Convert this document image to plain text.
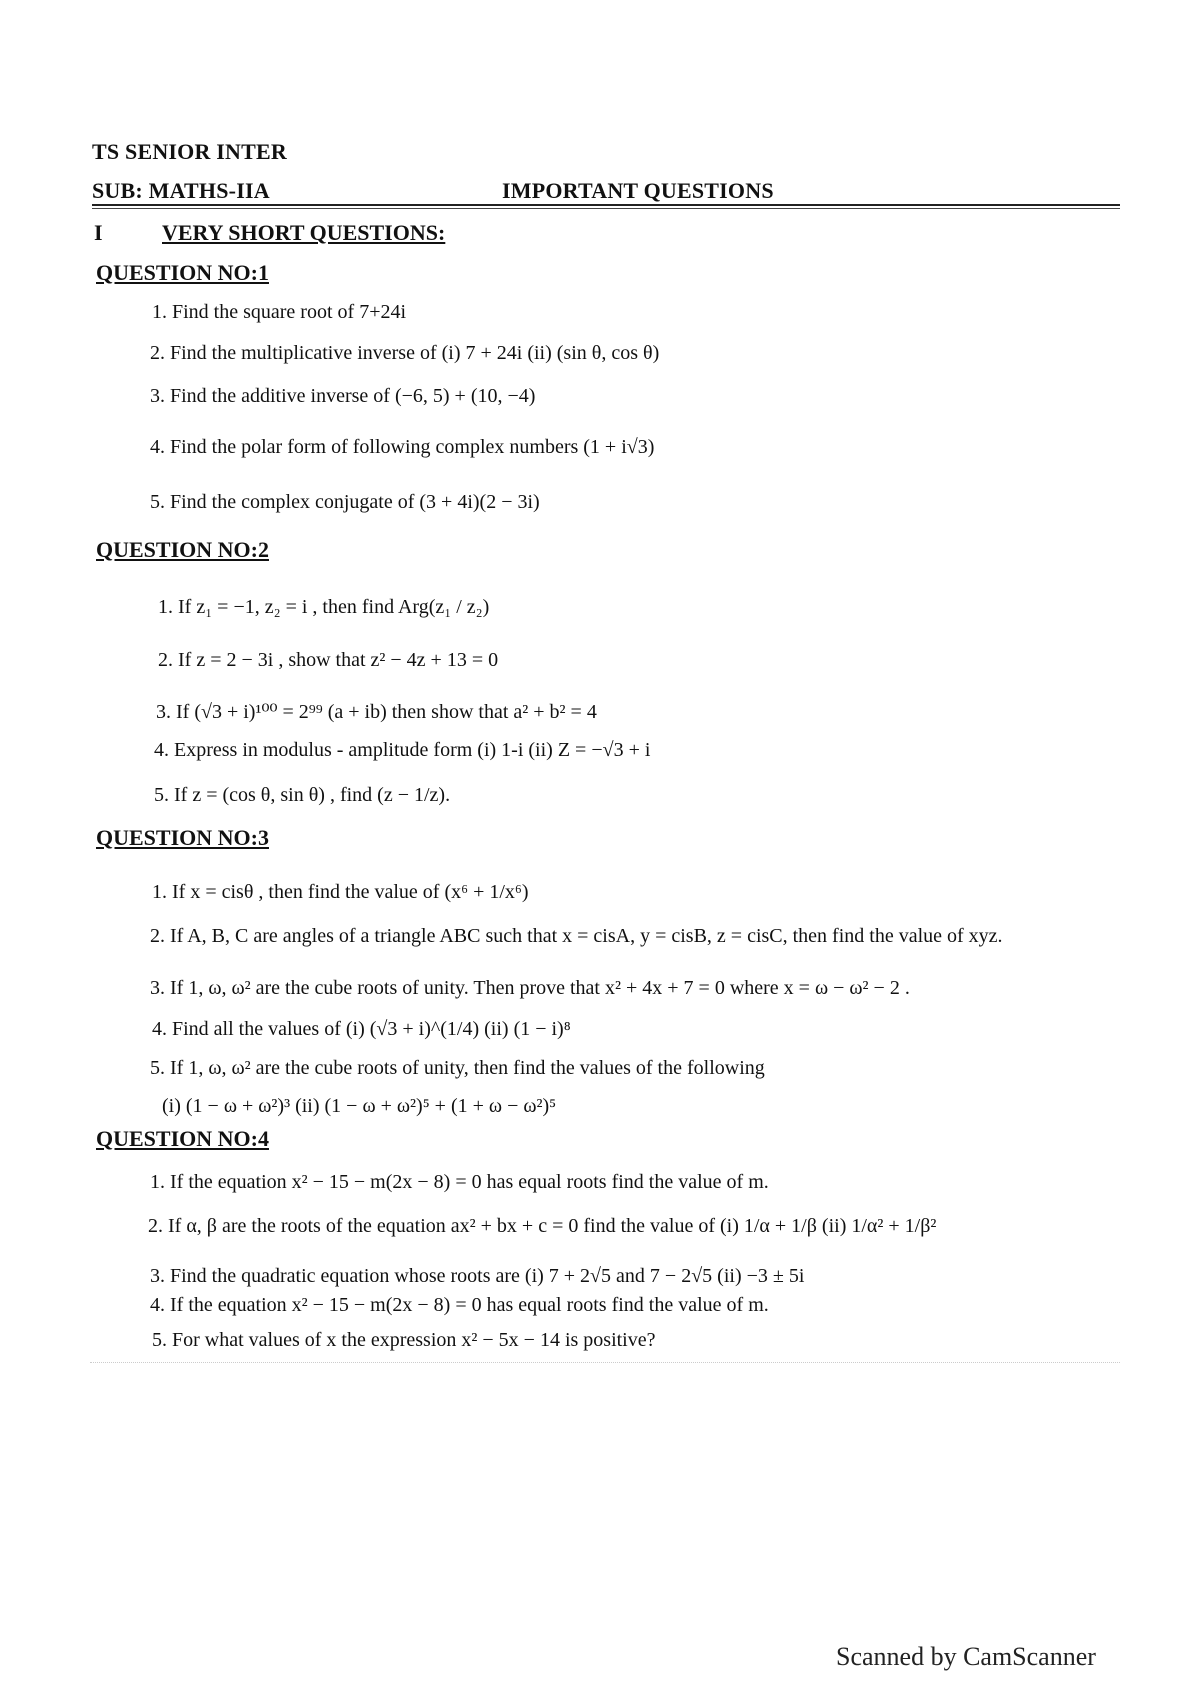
TS SENIOR INTER
SUB: MATHS-IIA	IMPORTANT QUESTIONS
I	VERY SHORT QUESTIONS:
QUESTION NO:1
1. Find the square root of 7+24i
2. Find the multiplicative inverse of (i) 7 + 24i (ii) (sin θ, cos θ)
3. Find the additive inverse of (−6, 5) + (10, −4)
4. Find the polar form of following complex numbers (1 + i√3)
5. Find the complex conjugate of (3 + 4i)(2 − 3i)
QUESTION NO:2
1. If z₁ = −1, z₂ = i , then find Arg(z₁ / z₂)
2. If z = 2 − 3i , show that z² − 4z + 13 = 0
3. If (√3 + i)¹⁰⁰ = 2⁹⁹ (a + ib) then show that a² + b² = 4
4. Express in modulus - amplitude form (i) 1-i (ii) Z = −√3 + i
5. If z = (cos θ, sin θ) , find (z − 1/z).
QUESTION NO:3
1. If x = cisθ , then find the value of (x⁶ + 1/x⁶)
2. If A, B, C are angles of a triangle ABC such that x = cisA, y = cisB, z = cisC, then find the value of xyz.
3. If 1, ω, ω² are the cube roots of unity. Then prove that x² + 4x + 7 = 0 where x = ω − ω² − 2 .
4. Find all the values of (i) (√3 + i)^(1/4) (ii) (1 − i)⁸
5. If 1, ω, ω² are the cube roots of unity, then find the values of the following
(i) (1 − ω + ω²)³ (ii) (1 − ω + ω²)⁵ + (1 + ω − ω²)⁵
QUESTION NO:4
1. If the equation x² − 15 − m(2x − 8) = 0 has equal roots find the value of m.
2. If α, β are the roots of the equation ax² + bx + c = 0 find the value of (i) 1/α + 1/β (ii) 1/α² + 1/β²
3. Find the quadratic equation whose roots are (i) 7 + 2√5 and 7 − 2√5 (ii) −3 ± 5i
4. If the equation x² − 15 − m(2x − 8) = 0 has equal roots find the value of m.
5. For what values of x the expression x² − 5x − 14 is positive?
Scanned by CamScanner
